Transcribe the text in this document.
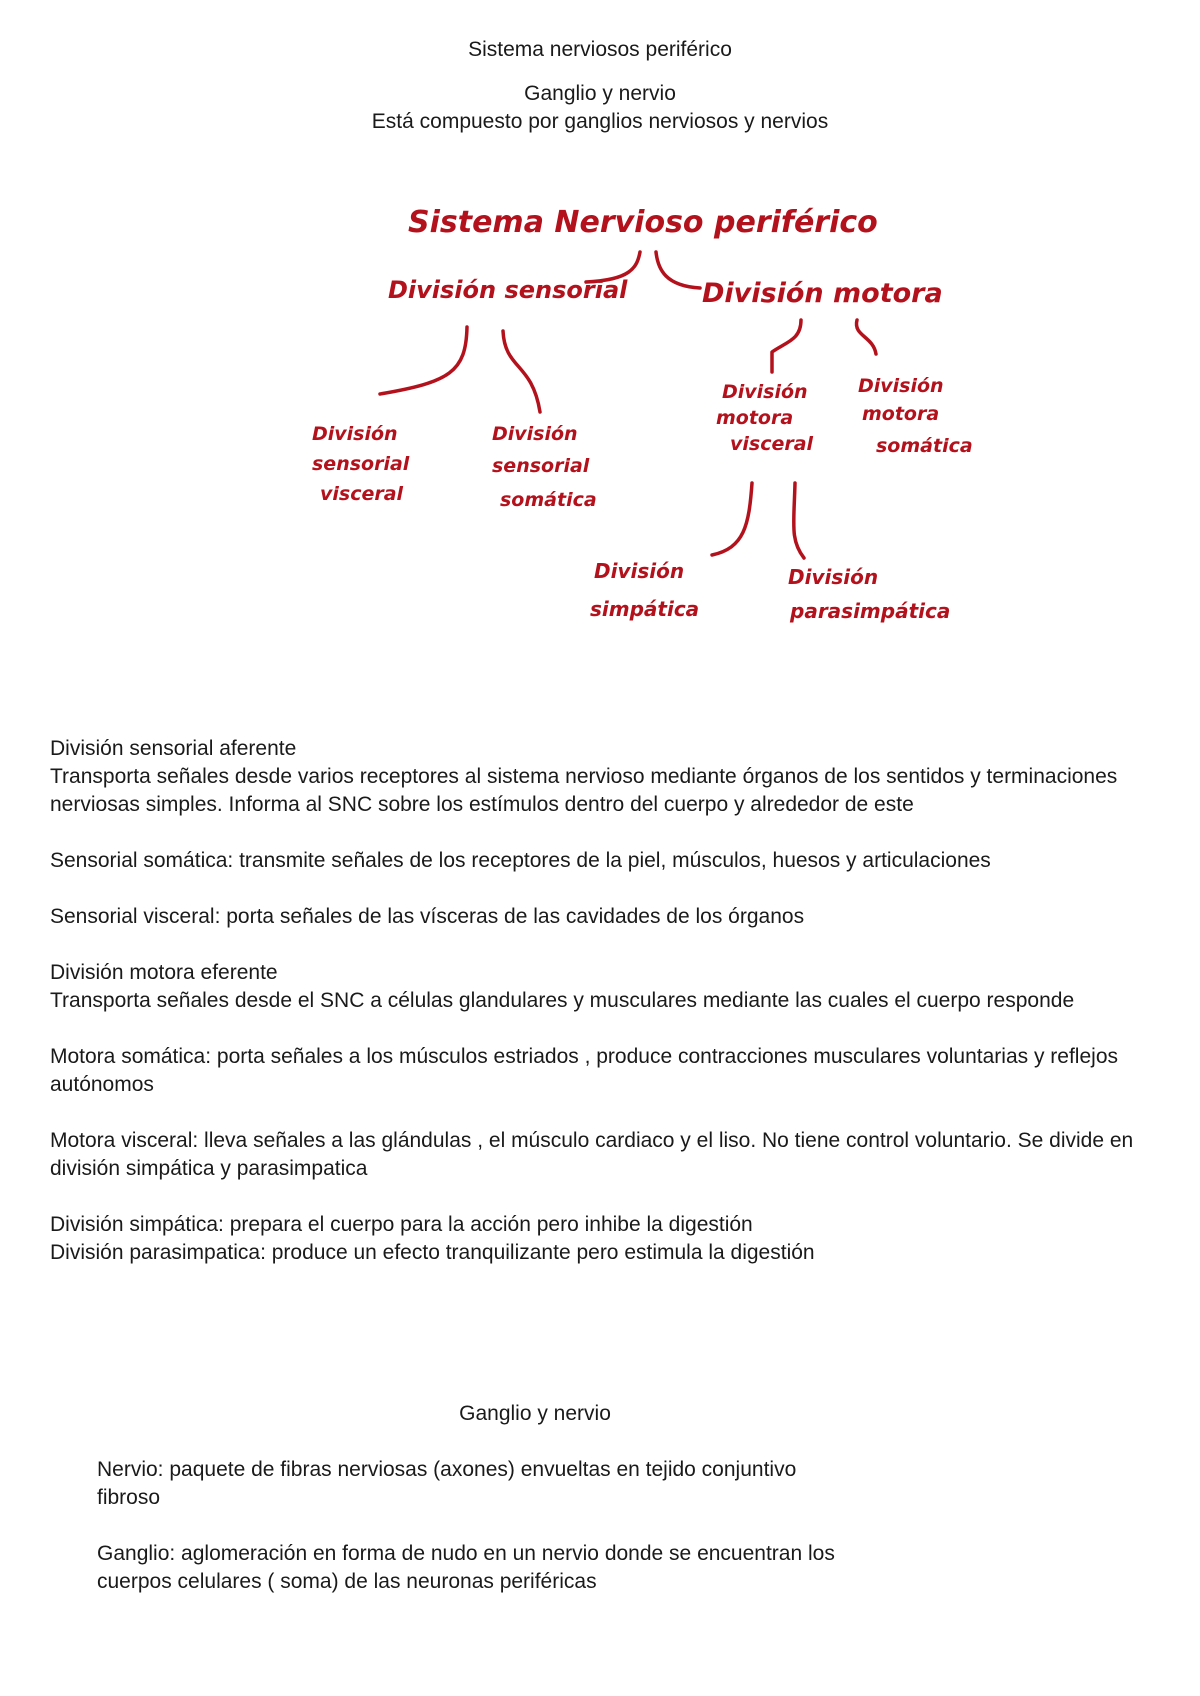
Sistema nerviosos periférico
Ganglio y nervio
Está compuesto por ganglios nerviosos y nervios
Sistema Nervioso periférico
División sensorial	División motora
División sensorial visceral
División sensorial somática
División motora visceral
División motora somática
División simpática
División parasimpática

División sensorial aferente

Transporta señales desde varios receptores al sistema nervioso mediante órganos de los sentidos y terminaciones nerviosas simples. Informa al SNC sobre los estímulos dentro del cuerpo y alrededor de este

Sensorial somática: transmite señales de los receptores de la piel, músculos, huesos y articulaciones

Sensorial visceral: porta señales de las vísceras de las cavidades de los órganos

División motora eferente

Transporta señales desde el SNC a células glandulares y musculares mediante las cuales el cuerpo responde

Motora somática: porta señales a los músculos estriados , produce contracciones musculares voluntarias y reflejos autónomos

Motora visceral: lleva señales a las glándulas , el músculo cardiaco y el liso. No tiene control voluntario. Se divide en división simpática y parasimpatica

División simpática: prepara el cuerpo para la acción pero inhibe la digestión

División parasimpatica: produce un efecto tranquilizante pero estimula la digestión

Ganglio y nervio

Nervio: paquete de fibras nerviosas (axones) envueltas en tejido conjuntivo fibroso

Ganglio: aglomeración en forma de nudo en un nervio donde se encuentran los cuerpos celulares ( soma) de las neuronas periféricas
